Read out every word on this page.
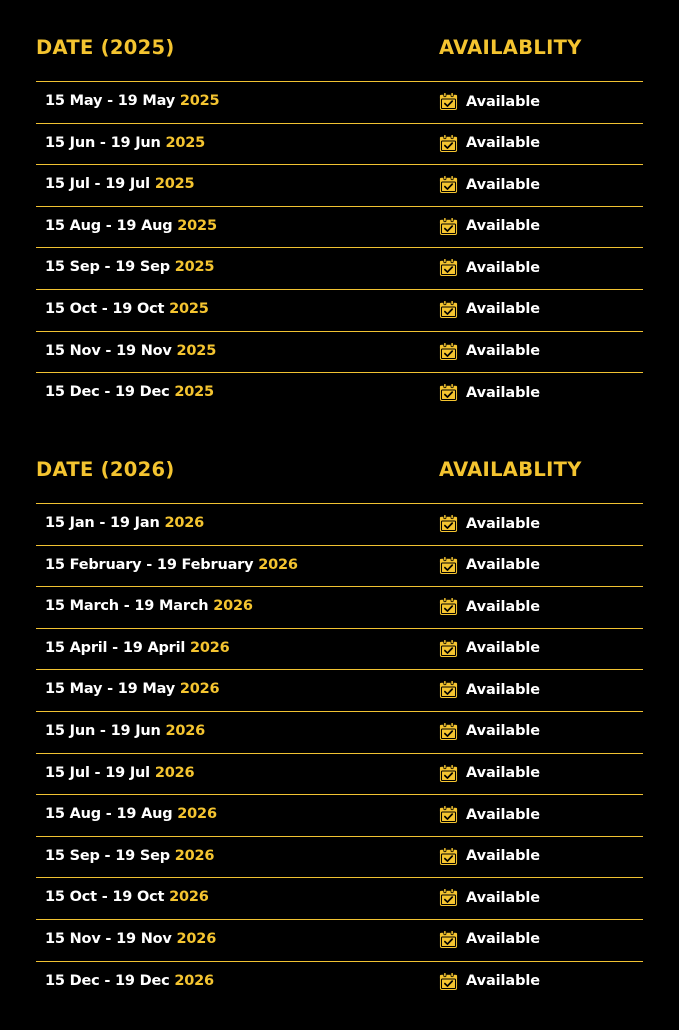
DATE (2025)	AVAILABLITY
15 May - 19 May 2025	Available
15 Jun - 19 Jun 2025	Available
15 Jul - 19 Jul 2025	Available
15 Aug - 19 Aug 2025	Available
15 Sep - 19 Sep 2025	Available
15 Oct - 19 Oct 2025	Available
15 Nov - 19 Nov 2025	Available
15 Dec - 19 Dec 2025	Available
DATE (2026)	AVAILABLITY
15 Jan - 19 Jan 2026	Available
15 February - 19 February 2026	Available
15 March - 19 March 2026	Available
15 April - 19 April 2026	Available
15 May - 19 May 2026	Available
15 Jun - 19 Jun 2026	Available
15 Jul - 19 Jul 2026	Available
15 Aug - 19 Aug 2026	Available
15 Sep - 19 Sep 2026	Available
15 Oct - 19 Oct 2026	Available
15 Nov - 19 Nov 2026	Available
15 Dec - 19 Dec 2026	Available
